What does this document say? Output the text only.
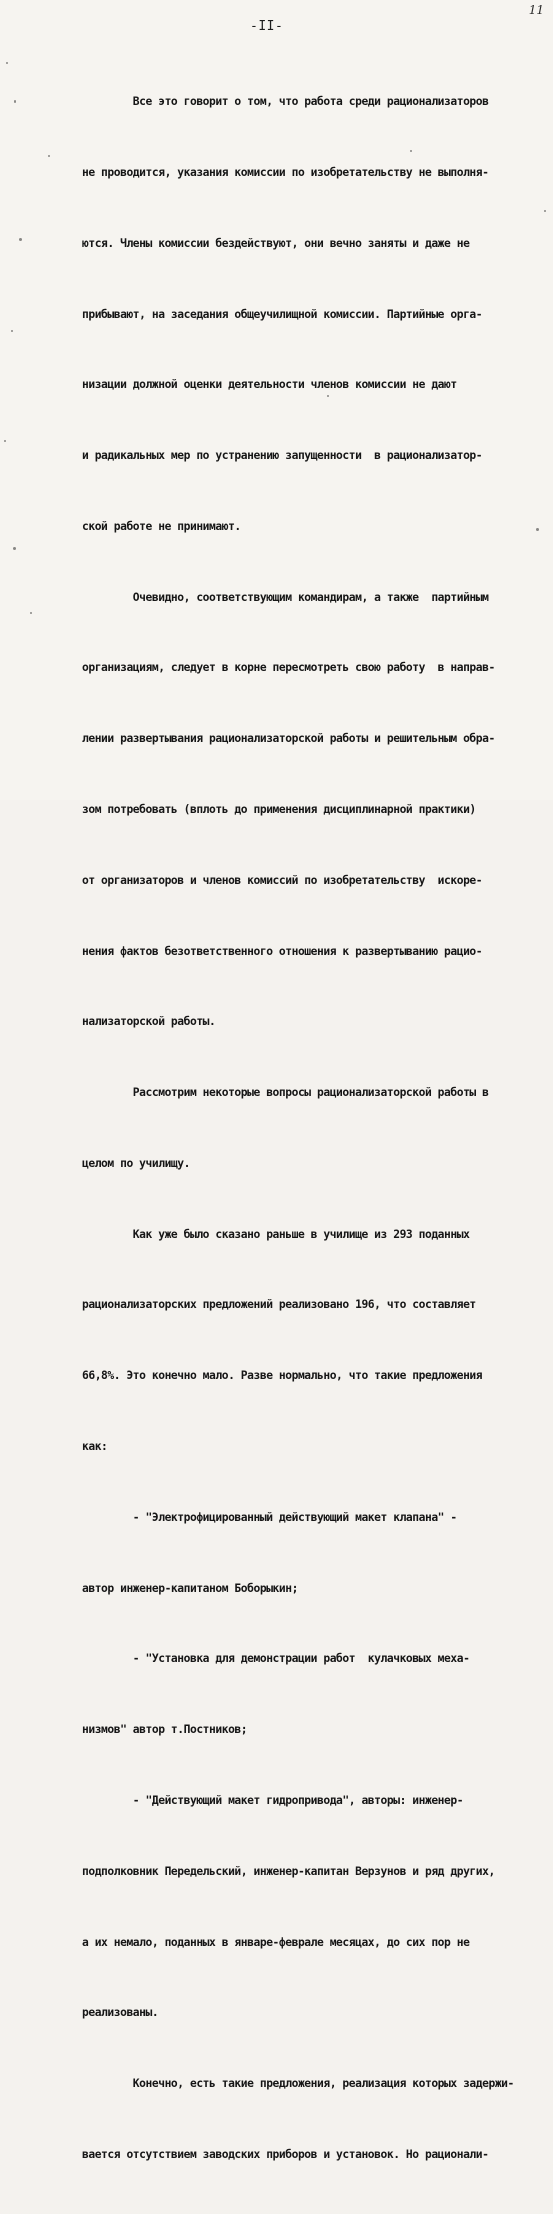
11
-II-

Все это говорит о том, что работа среди рационализаторов

не проводится, указания комиссии по изобретательству не выполня-

ются. Члены комиссии бездействуют, они вечно заняты и даже не

прибывают, на заседания общеучилищной комиссии. Партийные орга-

низации должной оценки деятельности членов комиссии не дают

и радикальных мер по устранению запущенности  в рационализатор-

ской работе не принимают.

Очевидно, соответствующим командирам, а также  партийным

организациям, следует в корне пересмотреть свою работу  в направ-

лении развертывания рационализаторской работы и решительным обра-

зом потребовать (вплоть до применения дисциплинарной практики)

от организаторов и членов комиссий по изобретательству  искоре-

нения фактов безответственного отношения к развертыванию рацио-

нализаторской работы.

Рассмотрим некоторые вопросы рационализаторской работы в

целом по училищу.

Как уже было сказано раньше в училище из 293 поданных

рационализаторских предложений реализовано 196, что составляет

66,8%. Это конечно мало. Разве нормально, что такие предложения

как:

- "Электрофицированный действующий макет клапана" -

автор инженер-капитаном Боборыкин;

- "Установка для демонстрации работ  кулачковых меха-

низмов" автор т.Постников;

- "Действующий макет гидропривода", авторы: инженер-

подполковник Передельский, инженер-капитан Верзунов и ряд других,

а их немало, поданных в январе-феврале месяцах, до сих пор не

реализованы.

Конечно, есть такие предложения, реализация которых задержи-

вается отсутствием заводских приборов и установок. Но рационали-
